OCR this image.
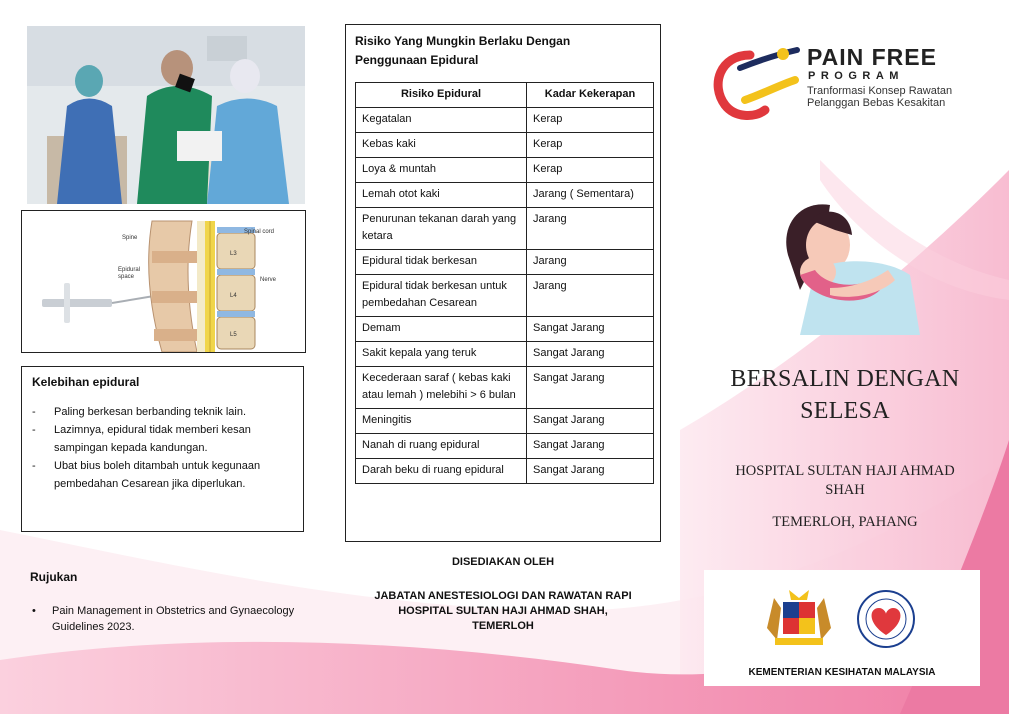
Spine
Spinal cord
Epidural space	Nerve
L3
L4
L5
Kelebihan epidural
- Paling berkesan berbanding teknik lain.
- Lazimnya, epidural tidak memberi kesan sampingan kepada kandungan.
- Ubat bius boleh ditambah untuk kegunaan pembedahan Cesarean jika diperlukan.
Rujukan
• Pain Management in Obstetrics and Gynaecology Guidelines 2023.
Risiko Yang Mungkin Berlaku Dengan Penggunaan Epidural
Risiko Epidural	Kadar Kekerapan
Kegatalan	Kerap
Kebas kaki	Kerap
Loya & muntah	Kerap
Lemah otot kaki	Jarang ( Sementara)
Penurunan tekanan darah yang ketara	Jarang
Epidural tidak berkesan	Jarang
Epidural tidak berkesan untuk pembedahan Cesarean	Jarang
Demam	Sangat Jarang
Sakit kepala yang teruk	Sangat Jarang
Kecederaan saraf ( kebas kaki atau lemah ) melebihi > 6 bulan	Sangat Jarang
Meningitis	Sangat Jarang
Nanah di ruang epidural	Sangat Jarang
Darah beku di ruang epidural	Sangat Jarang
DISEDIAKAN OLEH
JABATAN ANESTESIOLOGI DAN RAWATAN RAPI
HOSPITAL SULTAN HAJI AHMAD SHAH,
TEMERLOH
PAIN FREE
PROGRAM
Tranformasi Konsep Rawatan
Pelanggan Bebas Kesakitan
BERSALIN DENGAN
SELESA
HOSPITAL SULTAN HAJI AHMAD
SHAH
TEMERLOH, PAHANG
KEMENTERIAN KESIHATAN MALAYSIA
